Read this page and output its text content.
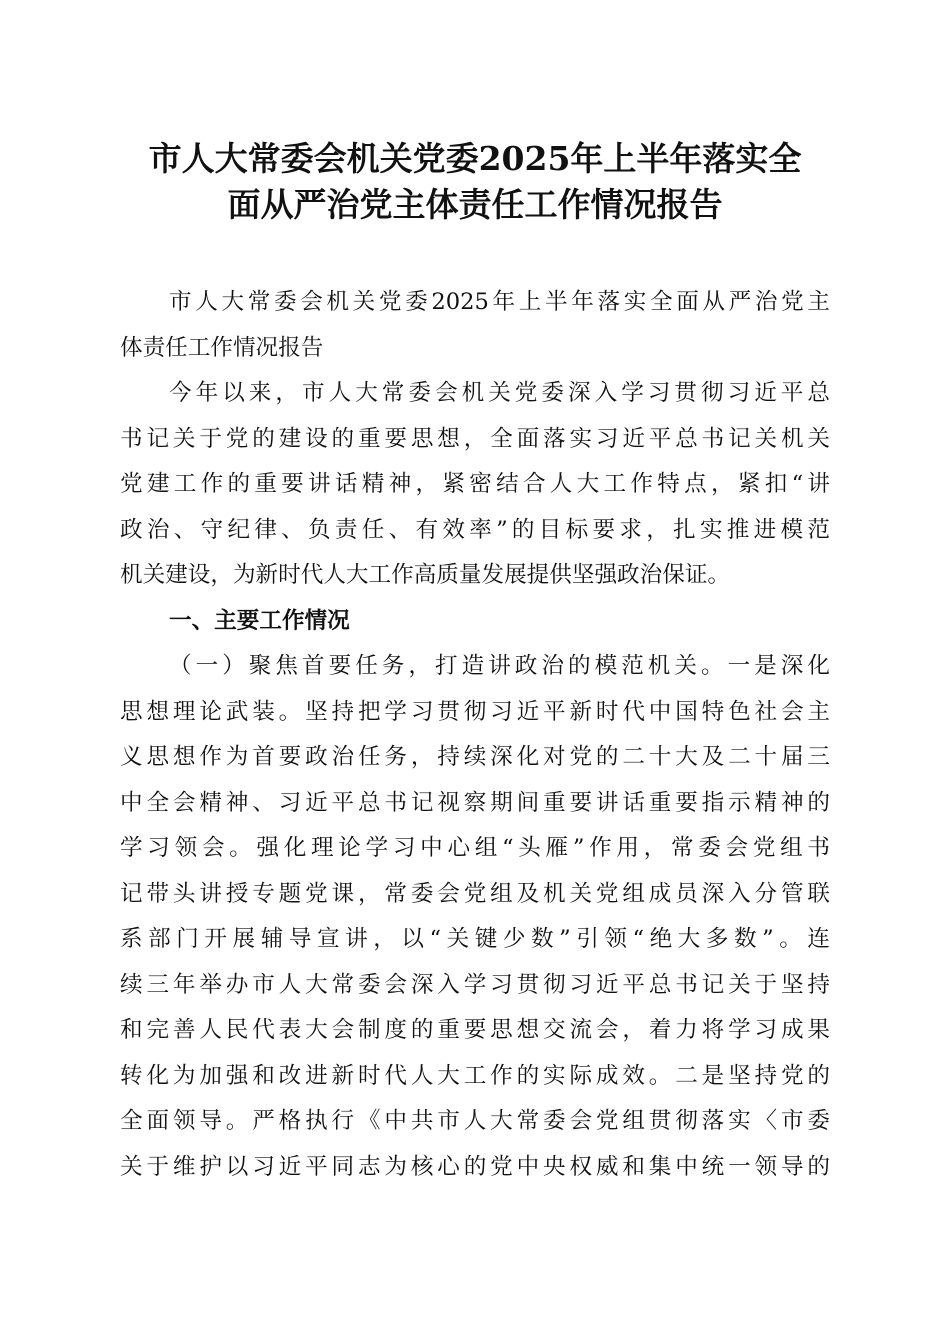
市人大常委会机关党委2025年上半年落实全
面从严治党主体责任工作情况报告
市人大常委会机关党委2025年上半年落实全面从严治党主
体责任工作情况报告
今年以来，市人大常委会机关党委深入学习贯彻习近平总
书记关于党的建设的重要思想，全面落实习近平总书记关机关
党建工作的重要讲话精神，紧密结合人大工作特点，紧扣“讲
政治、守纪律、负责任、有效率”的目标要求，扎实推进模范
机关建设，为新时代人大工作高质量发展提供坚强政治保证。
一、主要工作情况
（一）聚焦首要任务，打造讲政治的模范机关。一是深化
思想理论武装。坚持把学习贯彻习近平新时代中国特色社会主
义思想作为首要政治任务，持续深化对党的二十大及二十届三
中全会精神、习近平总书记视察期间重要讲话重要指示精神的
学习领会。强化理论学习中心组“头雁”作用，常委会党组书
记带头讲授专题党课，常委会党组及机关党组成员深入分管联
系部门开展辅导宣讲，以“关键少数”引领“绝大多数”。连
续三年举办市人大常委会深入学习贯彻习近平总书记关于坚持
和完善人民代表大会制度的重要思想交流会，着力将学习成果
转化为加强和改进新时代人大工作的实际成效。二是坚持党的
全面领导。严格执行《中共市人大常委会党组贯彻落实〈市委
关于维护以习近平同志为核心的党中央权威和集中统一领导的
